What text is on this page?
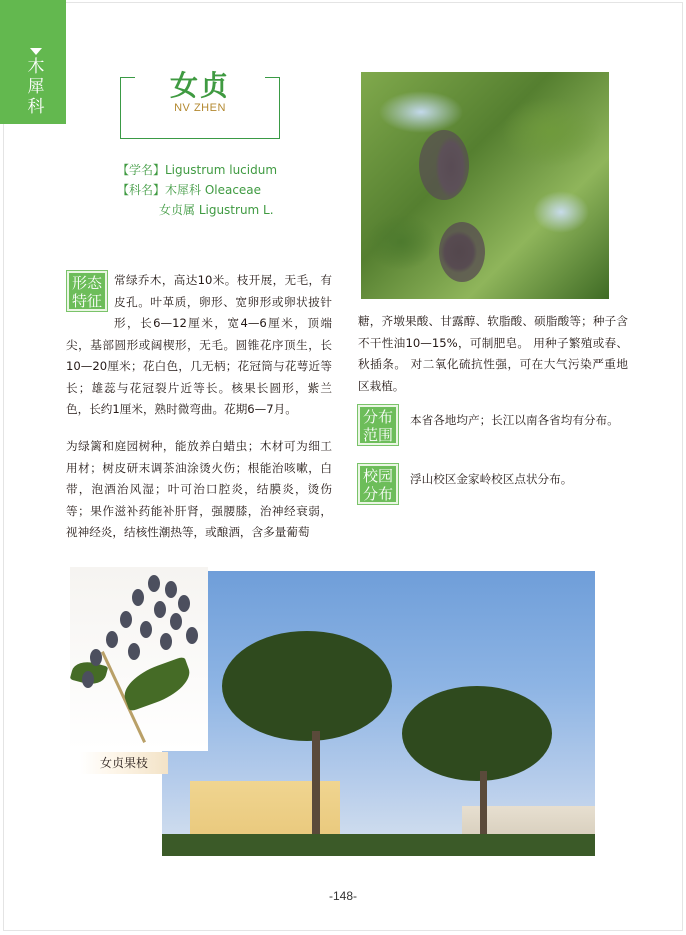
木犀科
女贞
NV ZHEN
【学名】Ligustrum lucidum
【科名】木犀科 Oleaceae
女贞属 Ligustrum L.
形态特征
常绿乔木，高达10米。枝开展，无毛，有皮孔。叶革质，卵形、宽卵形或卵状披针形，长6—12厘米，宽4—6厘米，顶端尖，基部圆形或阔楔形，无毛。圆锥花序顶生，长10—20厘米；花白色，几无柄；花冠筒与花萼近等长；雄蕊与花冠裂片近等长。核果长圆形，紫兰色，长约1厘米，熟时微弯曲。花期6—7月。
为绿篱和庭园树种，能放养白蜡虫；木材可为细工用材；树皮研末调茶油涂烫火伤；根能治咳嗽，白带，泡酒治风湿；叶可治口腔炎，结膜炎，烫伤等；果作滋补药能补肝肾，强腰膝，治神经衰弱，视神经炎，结核性潮热等，或酿酒，含多量葡萄
糖，齐墩果酸、甘露醇、软脂酸、硕脂酸等；种子含不干性油10—15%，可制肥皂。 用种子繁殖或春、秋插条。 对二氧化硫抗性强，可在大气污染严重地区栽植。
分布范围
本省各地均产；长江以南各省均有分布。
校园分布
浮山校区金家岭校区点状分布。
女贞果枝
-148-
